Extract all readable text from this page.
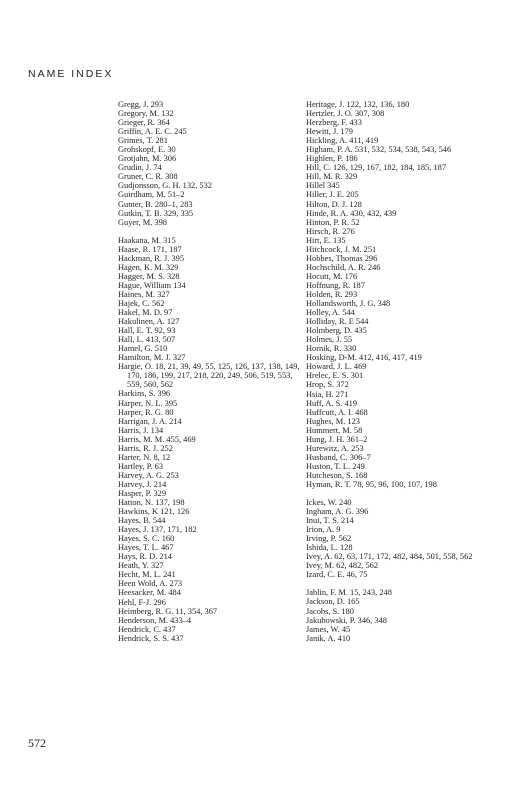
NAME INDEX
Gregg, J. 293
Gregory, M. 132
Grieger, R. 364
Griffin, A. E. C. 245
Grimes, T. 281
Grohskopf, E. 30
Grotjahn, M. 306
Grudin, J. 74
Gruner, C. R. 308
Gudjonsson, G. H. 132, 532
Guirdham, M. 51–2
Gunter, B. 280–1, 283
Gutkin, T. B. 329, 335
Guyer, M. 398
Haakana, M. 315
Haase, R. 171, 187
Hackman, R. J. 395
Hagen, K. M. 329
Hagger, M. S. 328
Hague, William 134
Haines, M. 327
Hajek, C. 562
Hakel, M. D. 97
Hakulinen, A. 127
Hall, E. T. 92, 93
Hall, L. 413, 507
Hamel, G. 510
Hamilton, M. J. 327
Hargie, O. 18, 21, 39, 49, 55, 125, 126, 137, 138, 149, 170, 186, 199, 217, 218, 220, 249, 506, 519, 553, 559, 560, 562
Harkins, S. 396
Harper, N. L. 395
Harper, R. G. 80
Harrigan, J. A. 214
Harris, J. 134
Harris, M. M. 455, 469
Harris, R. J. 252
Harter, N. 8, 12
Hartley, P. 63
Harvey, A. G. 253
Harvey, J. 214
Hasper, P. 329
Hatton, N. 137, 198
Hawkins, K 121, 126
Hayes, B. 544
Hayes, J. 137, 171, 182
Hayes, S. C. 160
Hayes, T. L. 467
Hays, R. D. 214
Heath, Y. 327
Hecht, M. L. 241
Heen Wold, A. 273
Heesacker, M. 484
Hehl, F-J. 296
Heimberg, R. G. 11, 354, 367
Henderson, M. 433–4
Hendrick, C. 437
Hendrick, S. S. 437
Heritage, J. 122, 132, 136, 180
Hertzler, J. O. 307, 308
Herzberg, F. 433
Hewitt, J. 179
Hickling, A. 411, 419
Higham, P. A. 531, 532, 534, 538, 543, 546
Highlen, P. 186
Hill, C. 126, 129, 167, 182, 184, 185, 187
Hill, M. R. 329
Hillel 345
Hiller, J. E. 205
Hilton, D. J. 128
Hinde, R. A. 430, 432, 439
Hinton, P. R. 52
Hirsch, R. 276
Hirt, E. 135
Hitchcock, J. M. 251
Hobbes, Thomas 296
Hochschild, A. R. 246
Hocutt, M. 176
Hoffnung, R. 187
Holden, R. 293
Hollandsworth, J. G. 348
Holley, A. 544
Holliday, R. E 544
Holmberg, D. 435
Holmes, J. 55
Hornik, R. 330
Hosking, D-M. 412, 416, 417, 419
Howard, J. L. 469
Hrelec, E. S. 301
Hrop, S. 372
Hsia, H. 271
Huff, A. S. 419
Huffcutt, A. I. 468
Hughes, M. 123
Hummert, M. 58
Hung, J. H. 361–2
Hurewitz, A. 253
Husband, C. 306–7
Huston, T. L. 249
Hutcheson, S. 168
Hyman, R. T. 78, 95, 96, 100, 107, 198
Ickes, W. 240
Ingham, A. G. 396
Inui, T. S. 214
Irion, A. 9
Irving, P. 562
Ishida, L. 128
Ivey, A. 62, 63, 171, 172, 482, 484, 501, 558, 562
Ivey, M. 62, 482, 562
Izard, C. E. 46, 75
Jablin, F. M. 15, 243, 248
Jackson, D. 165
Jacobs, S. 180
Jakubowski, P. 346, 348
James, W. 45
Janik, A. 410
572
